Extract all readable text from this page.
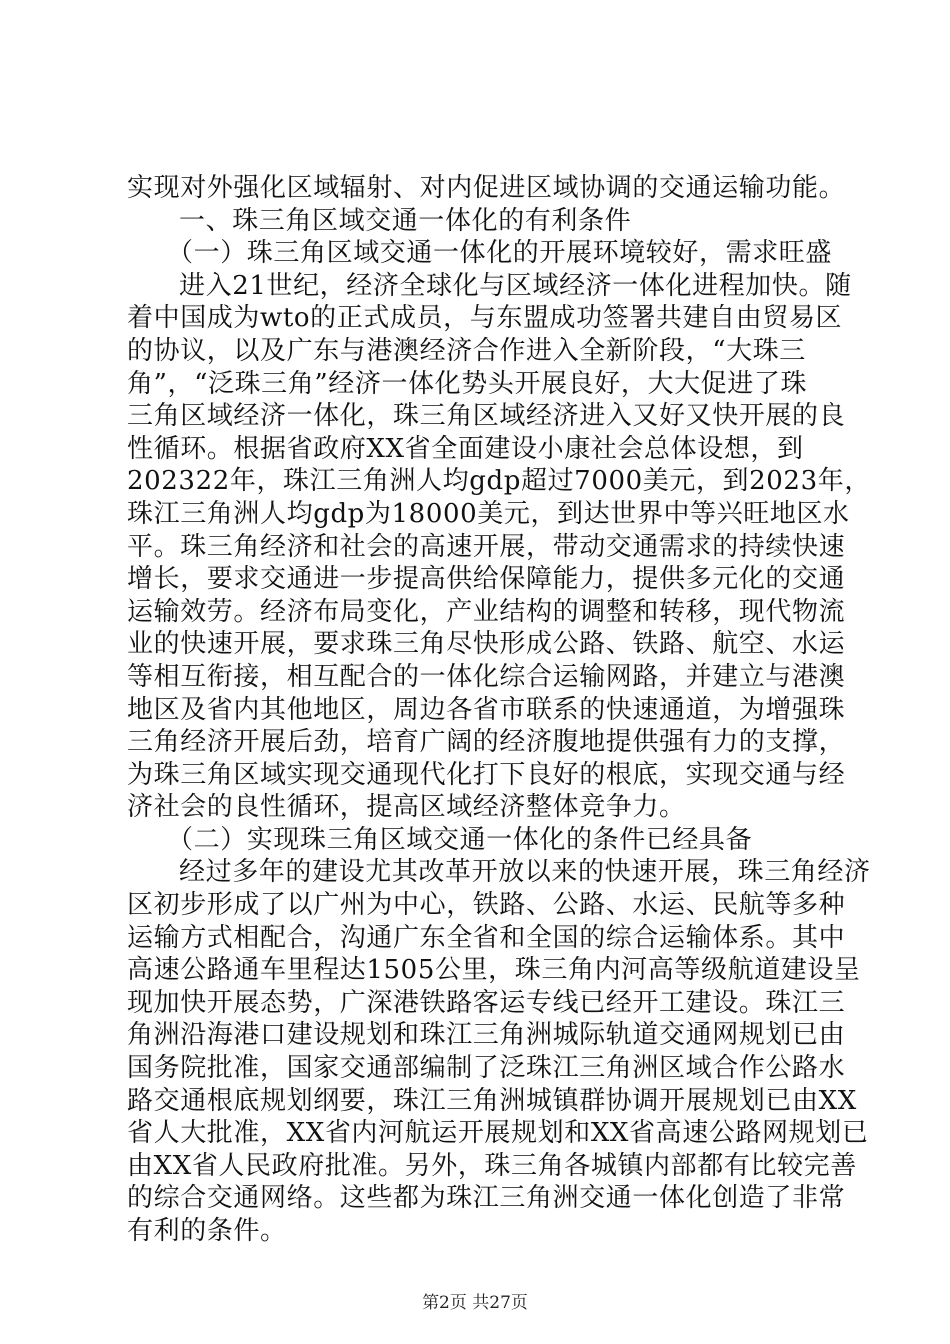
实现对外强化区域辐射、对内促进区域协调的交通运输功能。
一、珠三角区域交通一体化的有利条件
（一）珠三角区域交通一体化的开展环境较好，需求旺盛
进入21世纪，经济全球化与区域经济一体化进程加快。随
着中国成为wto的正式成员，与东盟成功签署共建自由贸易区
的协议，以及广东与港澳经济合作进入全新阶段，“大珠三
角”，“泛珠三角”经济一体化势头开展良好，大大促进了珠
三角区域经济一体化，珠三角区域经济进入又好又快开展的良
性循环。根据省政府XX省全面建设小康社会总体设想，到
202322年，珠江三角洲人均gdp超过7000美元，到2023年，
珠江三角洲人均gdp为18000美元，到达世界中等兴旺地区水
平。珠三角经济和社会的高速开展，带动交通需求的持续快速
增长，要求交通进一步提高供给保障能力，提供多元化的交通
运输效劳。经济布局变化，产业结构的调整和转移，现代物流
业的快速开展，要求珠三角尽快形成公路、铁路、航空、水运
等相互衔接，相互配合的一体化综合运输网路，并建立与港澳
地区及省内其他地区，周边各省市联系的快速通道，为增强珠
三角经济开展后劲，培育广阔的经济腹地提供强有力的支撑，
为珠三角区域实现交通现代化打下良好的根底，实现交通与经
济社会的良性循环，提高区域经济整体竞争力。
（二）实现珠三角区域交通一体化的条件已经具备
经过多年的建设尤其改革开放以来的快速开展，珠三角经济
区初步形成了以广州为中心，铁路、公路、水运、民航等多种
运输方式相配合，沟通广东全省和全国的综合运输体系。其中
高速公路通车里程达1505公里，珠三角内河高等级航道建设呈
现加快开展态势，广深港铁路客运专线已经开工建设。珠江三
角洲沿海港口建设规划和珠江三角洲城际轨道交通网规划已由
国务院批准，国家交通部编制了泛珠江三角洲区域合作公路水
路交通根底规划纲要，珠江三角洲城镇群协调开展规划已由XX
省人大批准，XX省内河航运开展规划和XX省高速公路网规划已
由XX省人民政府批准。另外，珠三角各城镇内部都有比较完善
的综合交通网络。这些都为珠江三角洲交通一体化创造了非常
有利的条件。
第2页 共27页
